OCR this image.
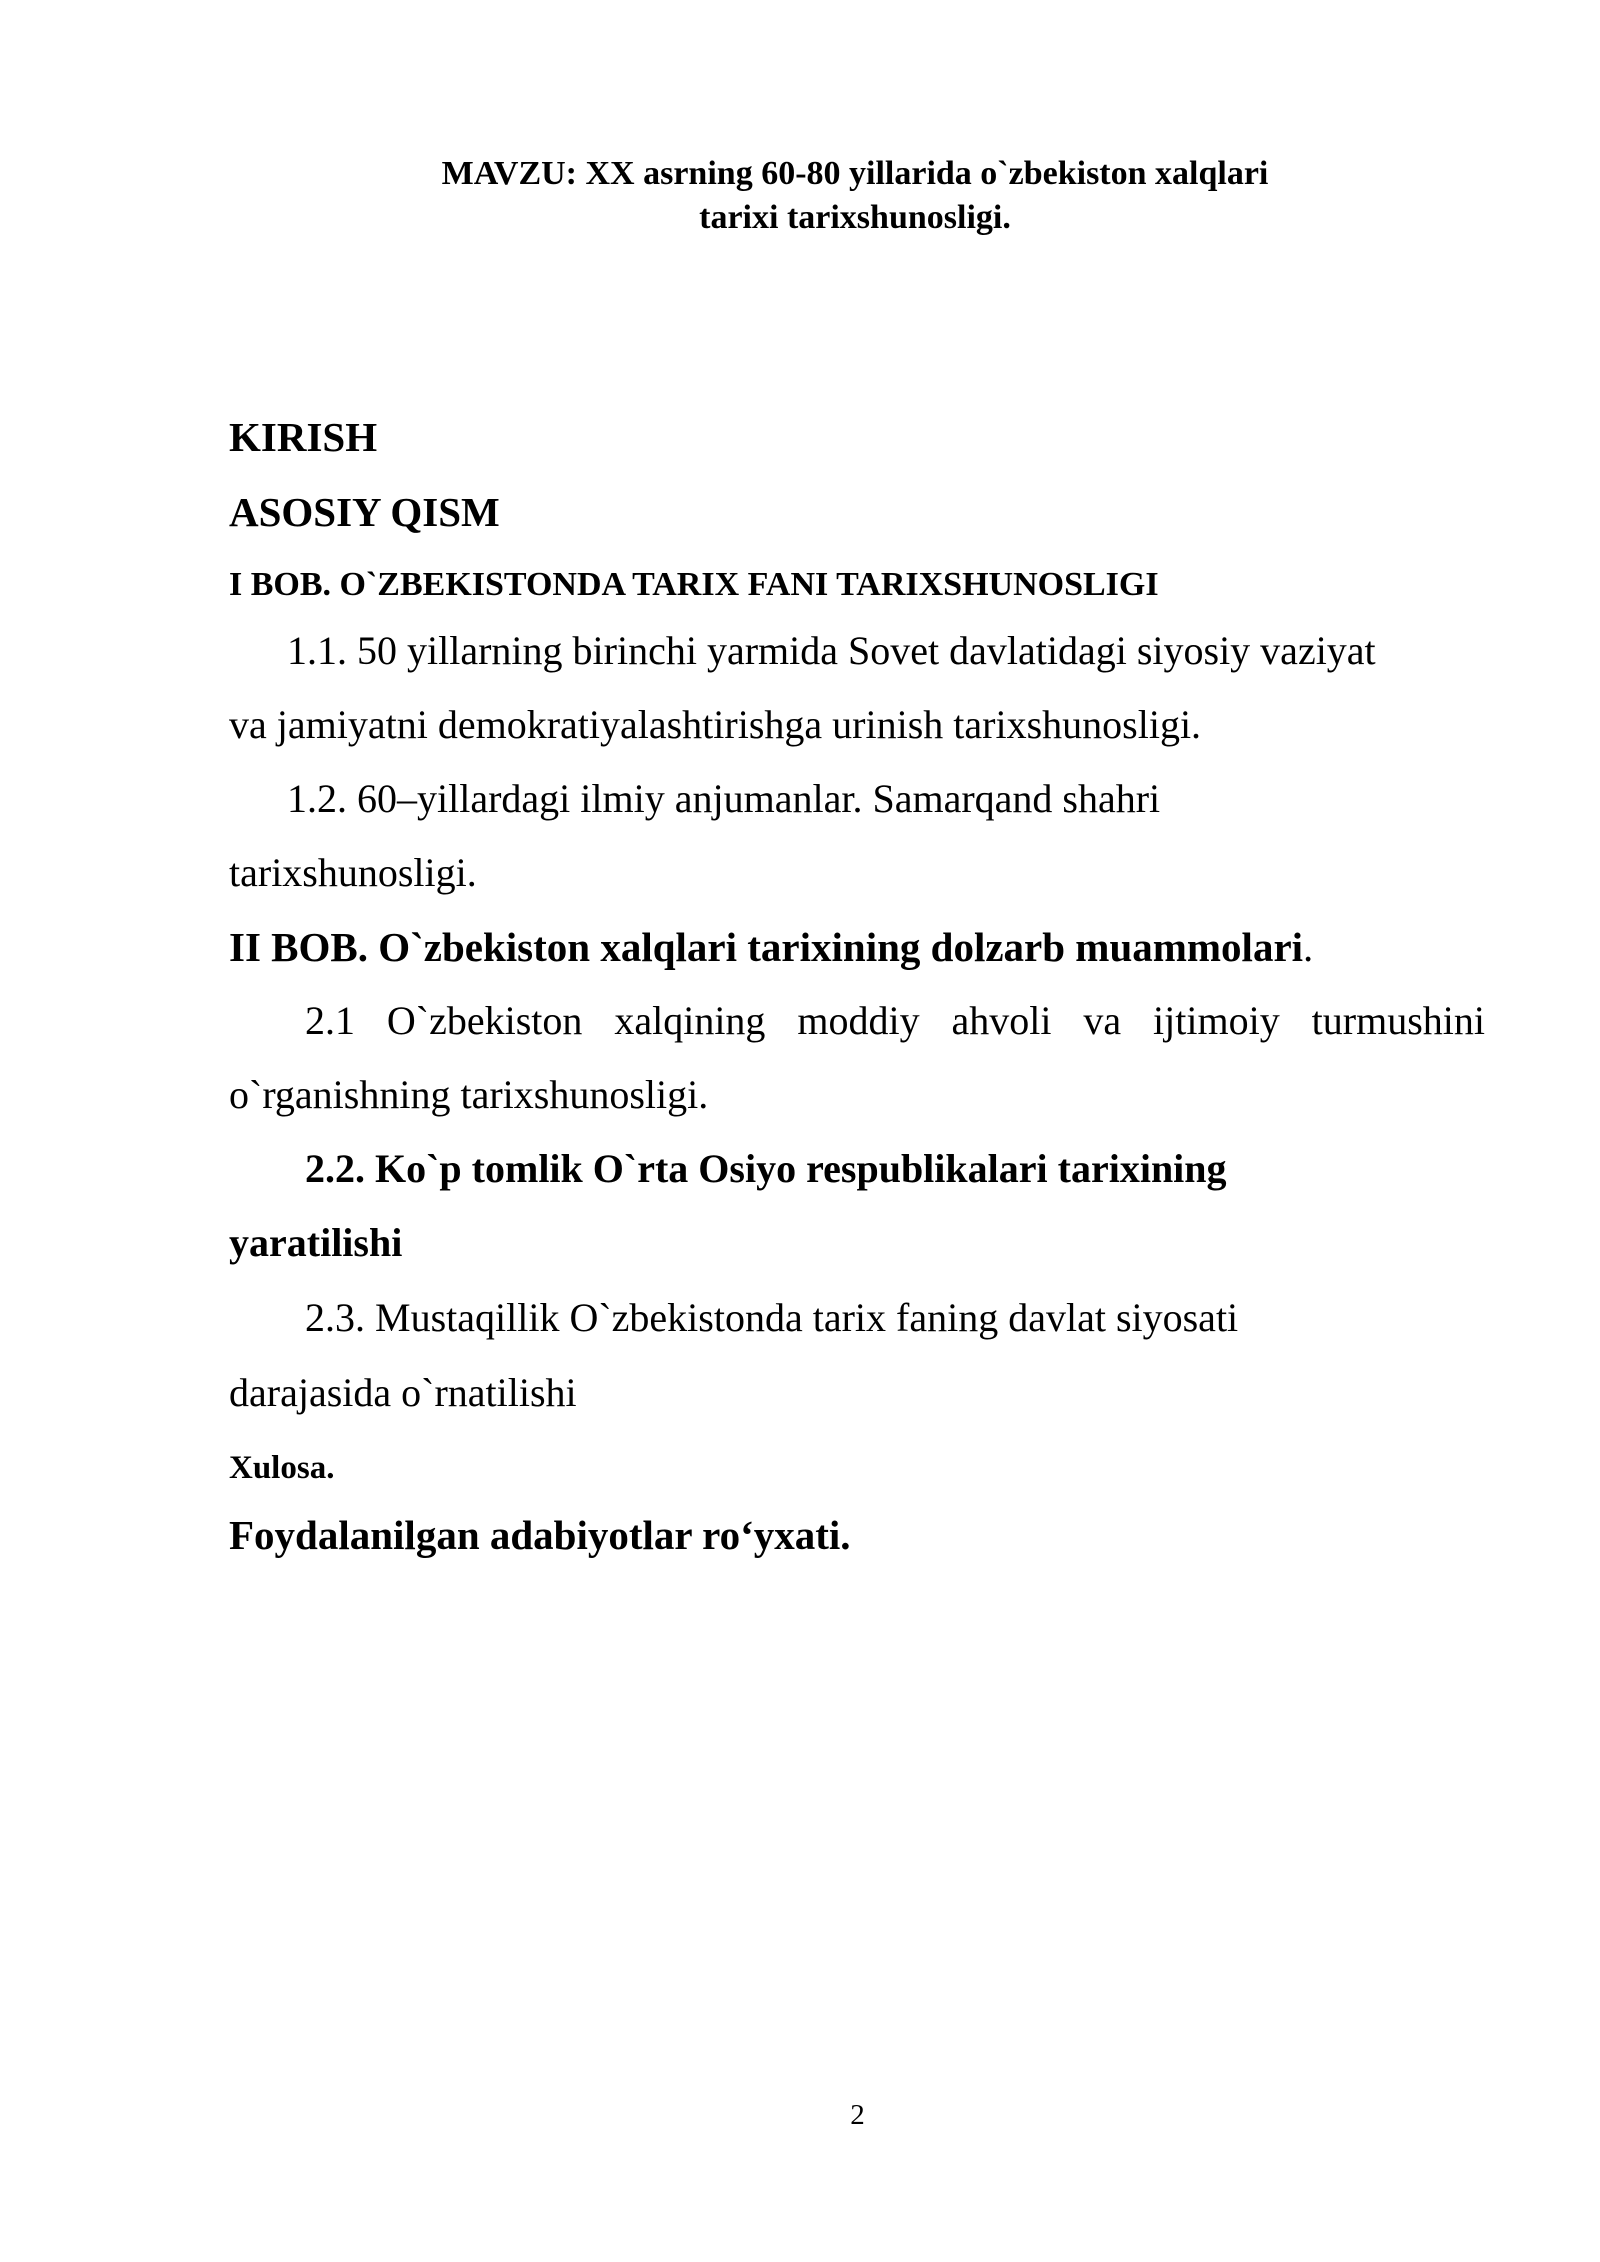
MAVZU: XX asrning 60-80 yillarida o`zbekiston xalqlari
tarixi tarixshunosligi.
KIRISH
ASOSIY QISM
I BOB. O`ZBEKISTONDA TARIX FANI TARIXSHUNOSLIGI
1.1. 50 yillarning birinchi yarmida Sovet davlatidagi siyosiy vaziyat
va jamiyatni demokratiyalashtirishga urinish tarixshunosligi.
1.2. 60–yillardagi ilmiy anjumanlar. Samarqand shahri
tarixshunosligi.
II BOB. O`zbekiston xalqlari tarixining dolzarb muammolari.
2.1 O`zbekiston xalqining moddiy ahvoli va ijtimoiy turmushini
o`rganishning tarixshunosligi.
2.2. Ko`p tomlik O`rta Osiyo respublikalari tarixining
yaratilishi
2.3. Mustaqillik O`zbekistonda tarix faning davlat siyosati
darajasida o`rnatilishi
Xulosa.
Foydalanilgan adabiyotlar ro‘yxati.
2
